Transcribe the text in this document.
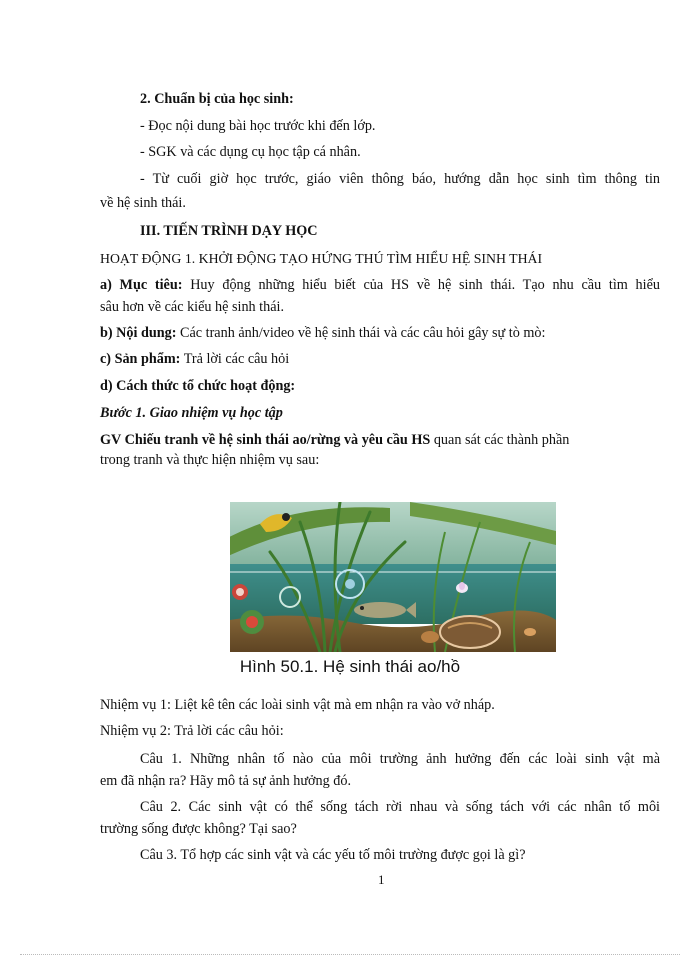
2. Chuẩn bị của học sinh:
- Đọc nội dung bài học trước khi đến lớp.
- SGK và các dụng cụ học tập cá nhân.
- Từ cuối giờ học trước, giáo viên thông báo, hướng dẫn học sinh tìm thông tin
về hệ sinh thái.
III. TIẾN TRÌNH DẠY HỌC
HOẠT ĐỘNG 1. KHỞI ĐỘNG TẠO HỨNG THÚ TÌM HIỂU HỆ SINH THÁI
a) Mục tiêu: Huy động những hiểu biết của HS về hệ sinh thái. Tạo nhu cầu tìm hiểu
sâu hơn về các kiểu hệ sinh thái.
b) Nội dung: Các tranh ảnh/video về hệ sinh thái và các câu hỏi gây sự tò mò:
c) Sản phẩm: Trả lời các câu hỏi
d) Cách thức tổ chức hoạt động:
Bước 1. Giao nhiệm vụ học tập
GV Chiếu tranh về hệ sinh thái ao/rừng và yêu cầu HS quan sát các thành phần
trong tranh và thực hiện nhiệm vụ sau:
Hình 50.1. Hệ sinh thái ao/hồ
Nhiệm vụ 1: Liệt kê tên các loài sinh vật mà em nhận ra vào vở nháp.
Nhiệm vụ 2: Trả lời các câu hỏi:
Câu 1. Những nhân tố nào của môi trường ảnh hưởng đến các loài sinh vật mà
em đã nhận ra? Hãy mô tả sự ảnh hưởng đó.
Câu 2. Các sinh vật có thể sống tách rời nhau và sống tách với các nhân tố môi
trường sống được không? Tại sao?
Câu 3. Tổ hợp các sinh vật và các yếu tố môi trường được gọi là gì?
1
